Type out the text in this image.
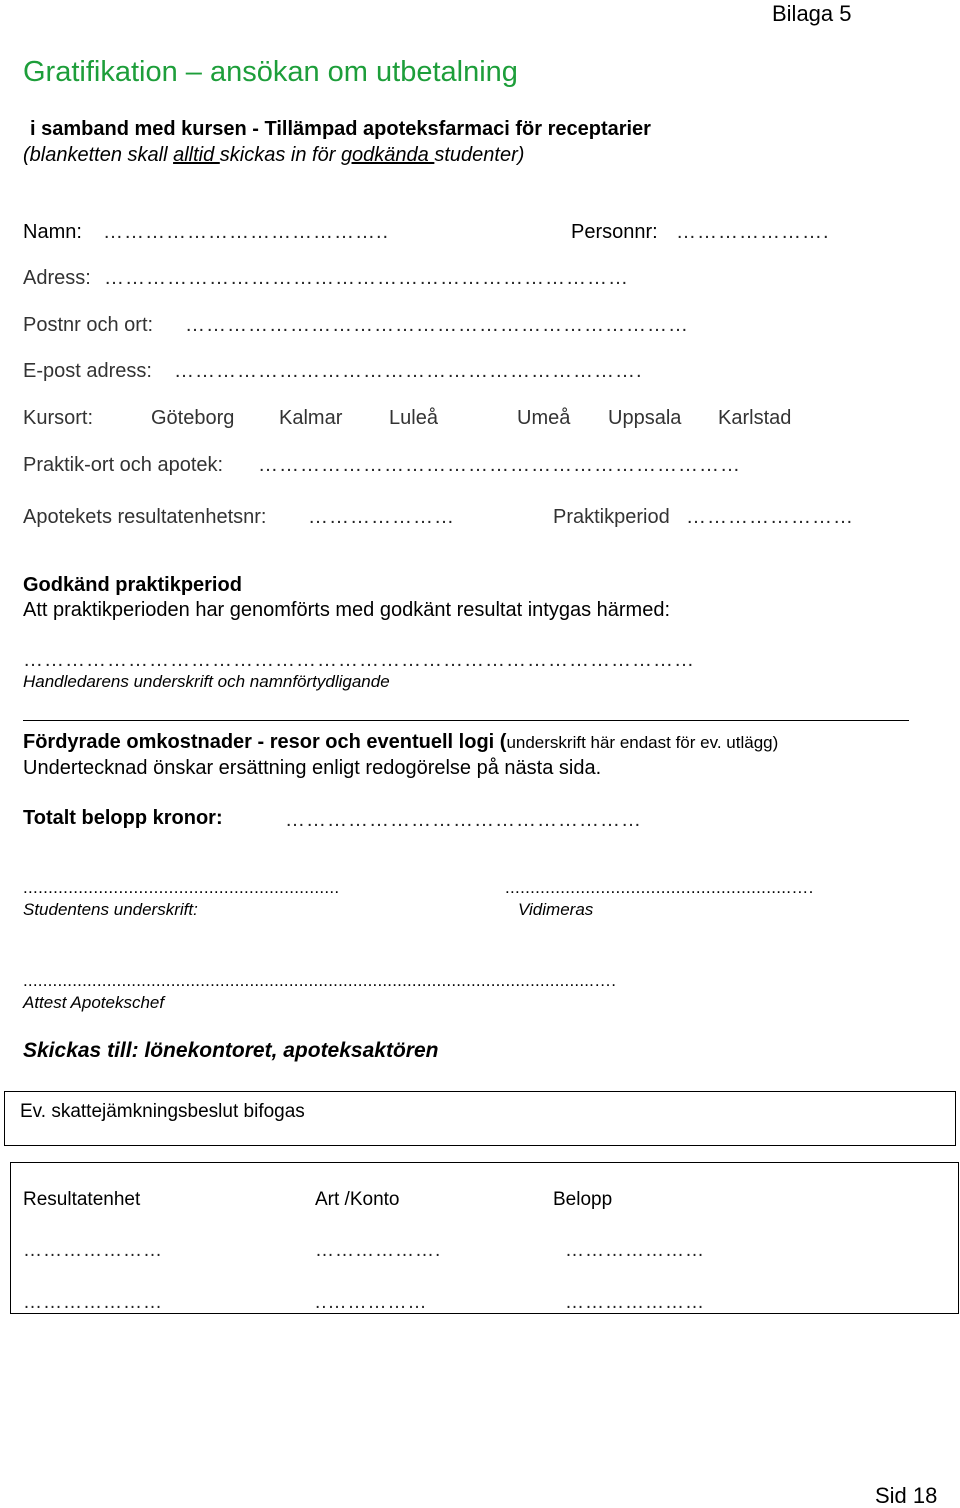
Bilaga 5
Gratifikation – ansökan om utbetalning
i samband med kursen - Tillämpad apoteksfarmaci för receptarier
(blanketten skall alltid skickas in för godkända studenter)
Namn: …………………………………..	Personnr: ………………….
Adress: …………………………………………………………………
Postnr och ort: ………………………………………………………………
E-post adress: ………………………………………………………….
Kursort:	Göteborg Kalmar Luleå	Umeå Uppsala Karlstad
Praktik-ort och apotek: ……………………………………………………………
Apotekets resultatenhetsnr: …………………	Praktikperiod ……………………
Godkänd praktikperiod
Att praktikperioden har genomförts med godkänt resultat intygas härmed:
……………………………………………………………………………………
Handledarens underskrift och namnförtydligande
Fördyrade omkostnader - resor och eventuell logi (underskrift här endast för ev. utlägg)
Undertecknad önskar ersättning enligt redogörelse på nästa sida.
Totalt belopp kronor:	……………………………………………
...............................................................
Studentens underskrift:
.........................................................….
Vidimeras
....................................................................................................................….
Attest Apotekschef
Skickas till: lönekontoret, apoteksaktören
Ev. skattejämkningsbeslut bifogas
Resultatenhet	Art /Konto	Belopp
…………………	……………….	…………………
…………………	..……………	…………………
Sid 18
